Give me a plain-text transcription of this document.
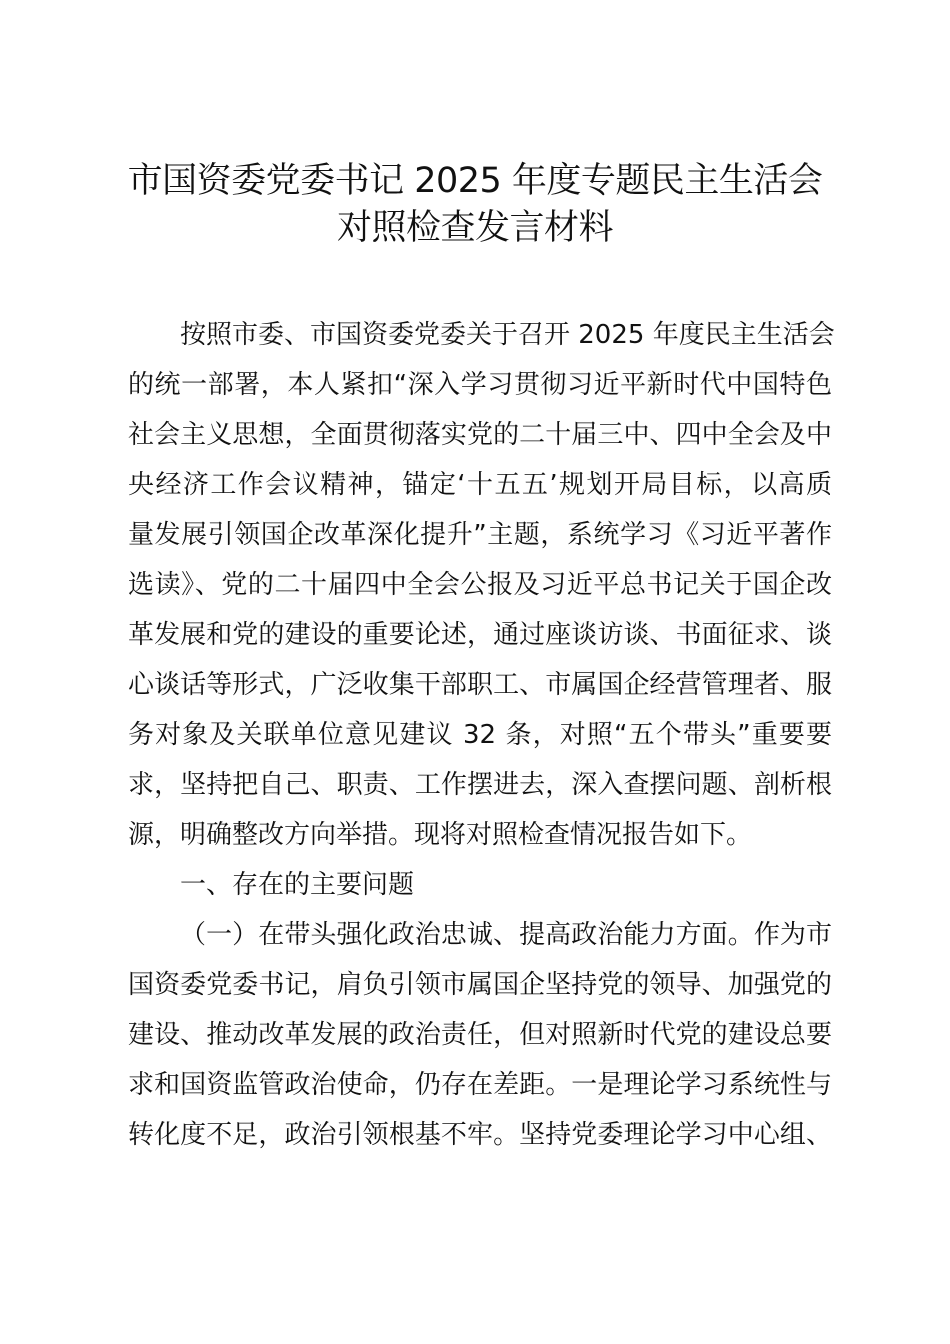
市国资委党委书记 2025 年度专题民主生活会
对照检查发言材料
按照市委、市国资委党委关于召开 2025 年度民主生活会
的统一部署，本人紧扣“深入学习贯彻习近平新时代中国特色
社会主义思想，全面贯彻落实党的二十届三中、四中全会及中
央经济工作会议精神，锚定‘十五五’规划开局目标，以高质
量发展引领国企改革深化提升”主题，系统学习《习近平著作
选读》、党的二十届四中全会公报及习近平总书记关于国企改
革发展和党的建设的重要论述，通过座谈访谈、书面征求、谈
心谈话等形式，广泛收集干部职工、市属国企经营管理者、服
务对象及关联单位意见建议 32 条，对照“五个带头”重要要
求，坚持把自己、职责、工作摆进去，深入查摆问题、剖析根
源，明确整改方向举措。现将对照检查情况报告如下。
一、存在的主要问题
（一）在带头强化政治忠诚、提高政治能力方面。作为市
国资委党委书记，肩负引领市属国企坚持党的领导、加强党的
建设、推动改革发展的政治责任，但对照新时代党的建设总要
求和国资监管政治使命，仍存在差距。一是理论学习系统性与
转化度不足，政治引领根基不牢。坚持党委理论学习中心组、
